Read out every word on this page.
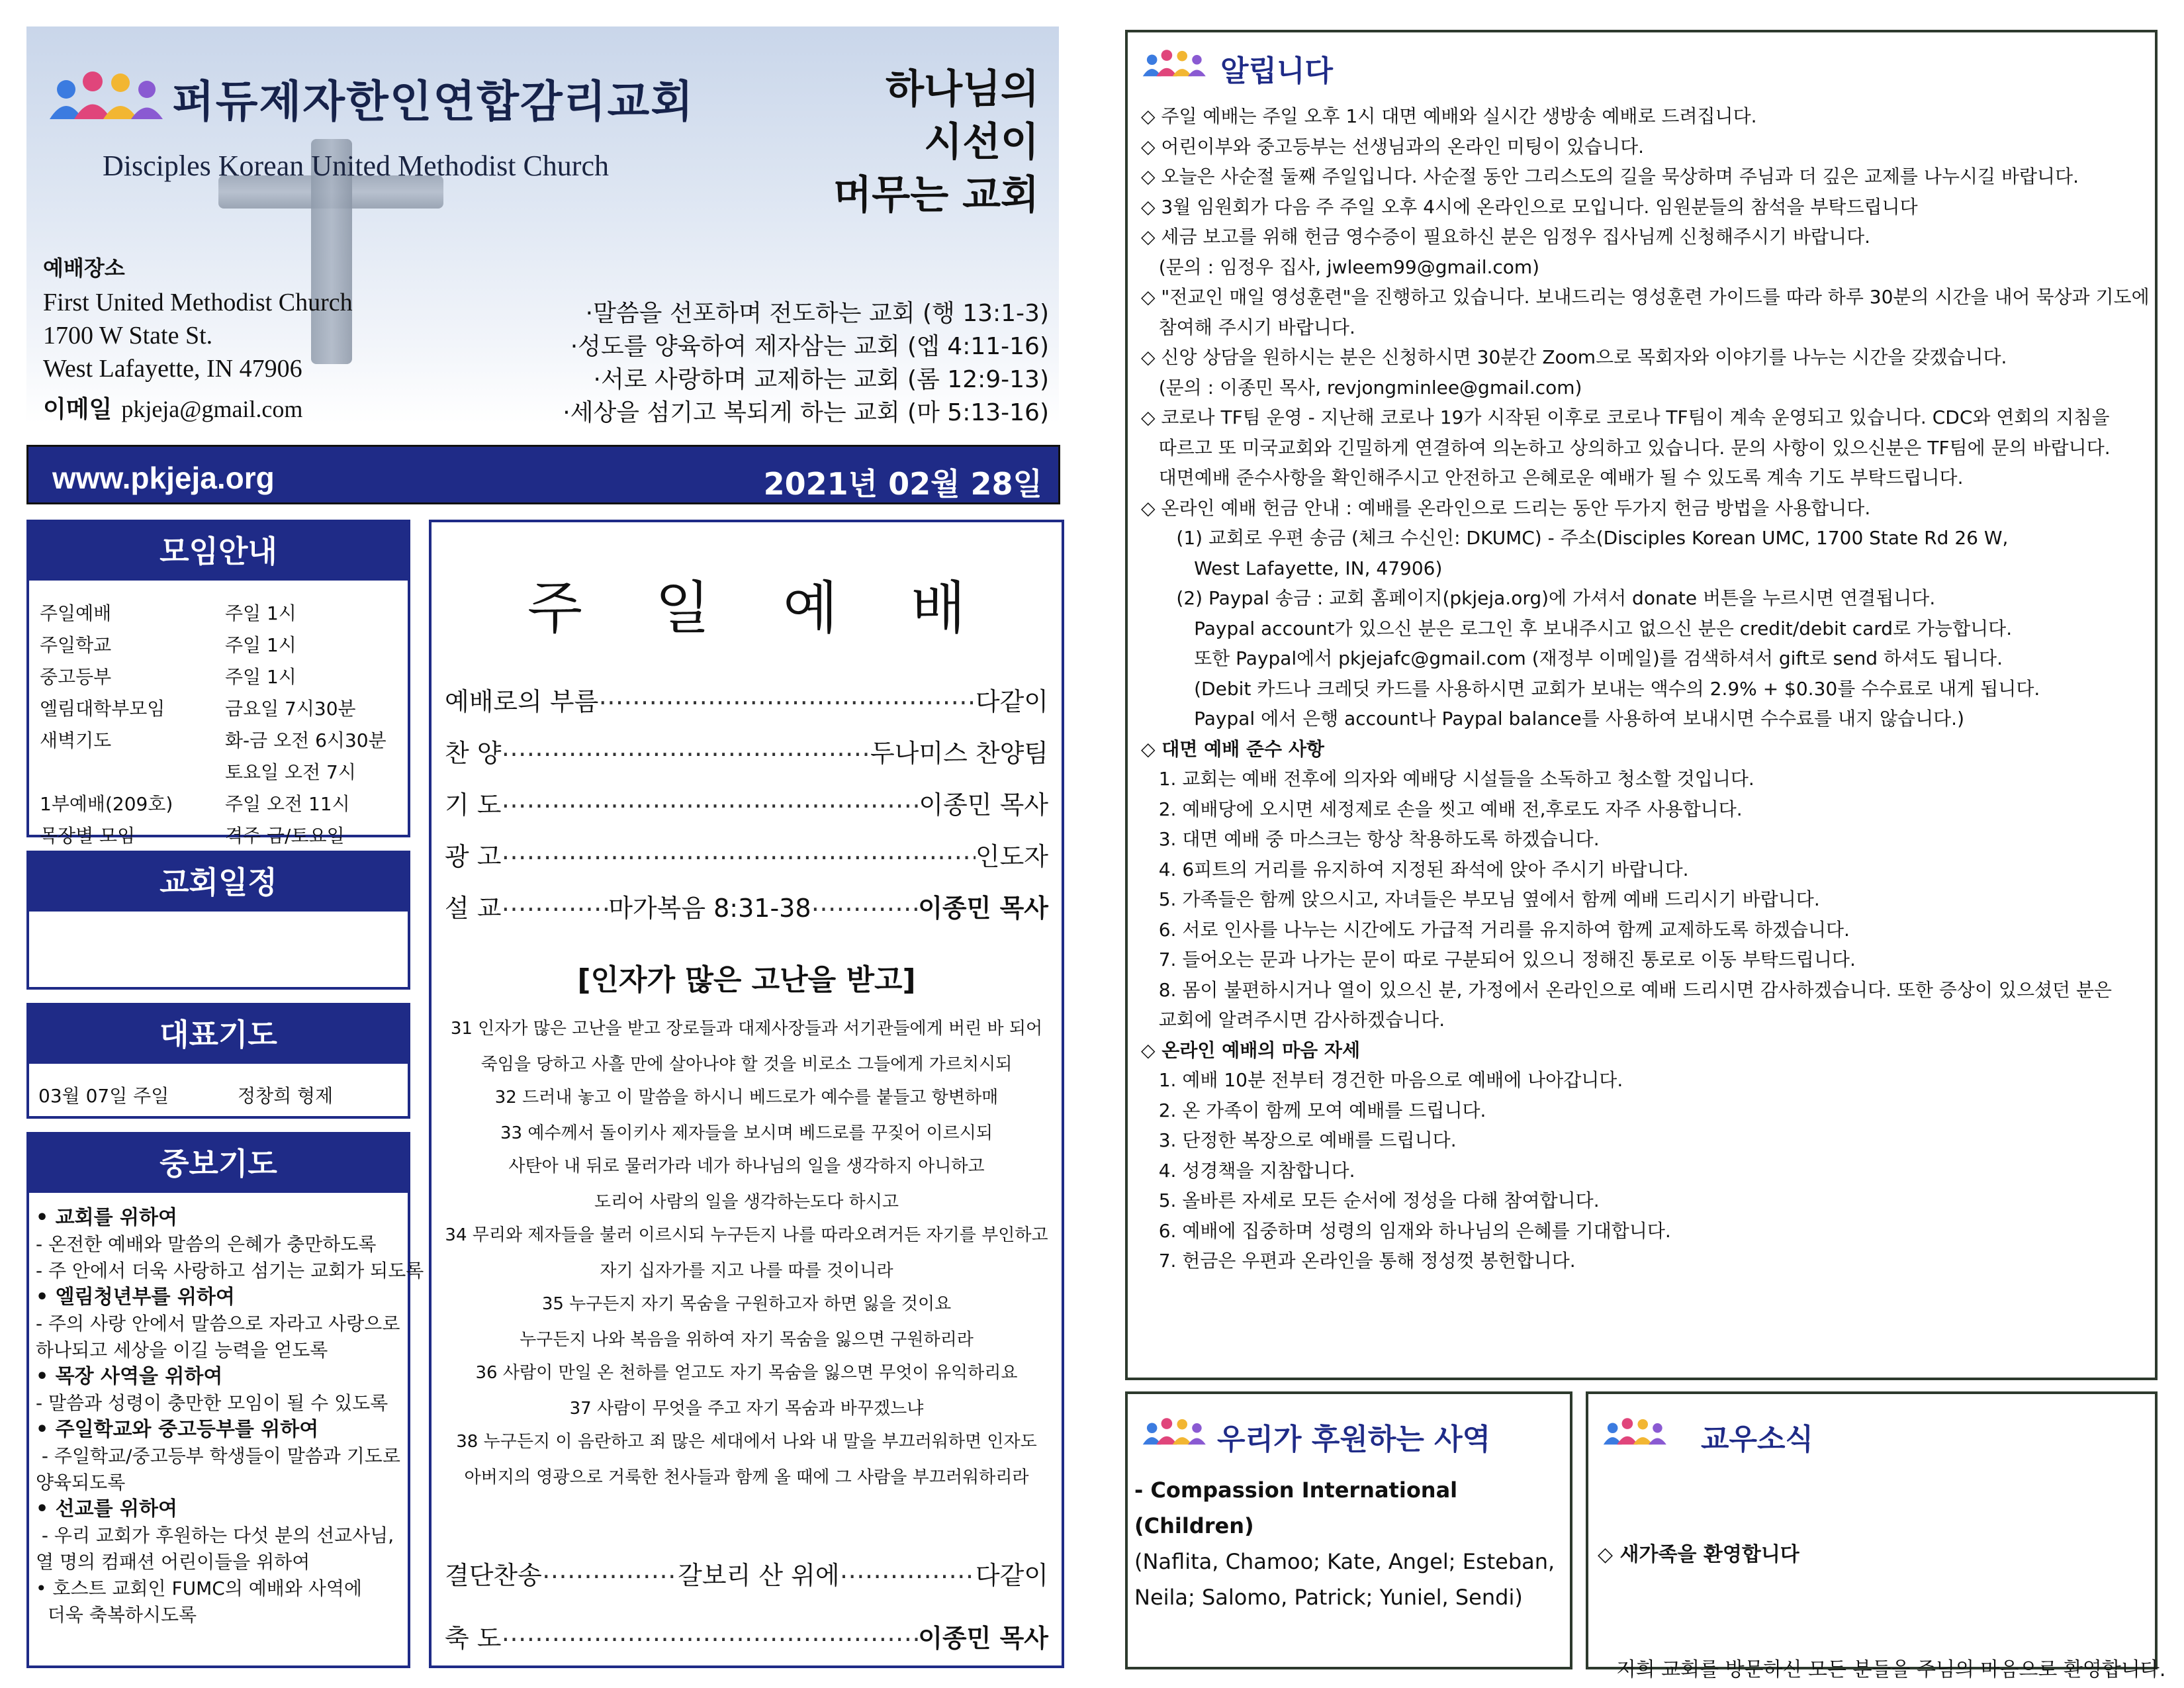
퍼듀제자한인연합감리교회
Disciples Korean United Methodist Church
하나님의
시선이
머무는 교회
예배장소
First United Methodist Church
1700 W State St.
West Lafayette, IN 47906
이메일 pkjeja@gmail.com
·말씀을 선포하며 전도하는 교회 (행 13:1-3)
·성도를 양육하여 제자삼는 교회 (엡 4:11-16)
·서로 사랑하며 교제하는 교회 (롬 12:9-13)
·세상을 섬기고 복되게 하는 교회 (마 5:13-16)
www.pkjeja.org	2021년 02월 28일
모임안내
주일예배	주일 1시
주일학교	주일 1시
중고등부	주일 1시
엘림대학부모임	금요일 7시30분
새벽기도	화-금 오전 6시30분
	토요일 오전 7시
1부예배(209호)	주일 오전 11시
목장별 모임	격주 금/토요일
교회일정
대표기도
03월 07일 주일	정창희 형제
중보기도

• 교회를 위하여

- 온전한 예배와 말씀의 은혜가 충만하도록

- 주 안에서 더욱 사랑하고 섬기는 교회가 되도록

• 엘림청년부를 위하여

- 주의 사랑 안에서 말씀으로 자라고 사랑으로

하나되고 세상을 이길 능력을 얻도록

• 목장 사역을 위하여

- 말씀과 성령이 충만한 모임이 될 수 있도록

• 주일학교와 중고등부를 위하여

- 주일학교/중고등부 학생들이 말씀과 기도로

양육되도록

• 선교를 위하여

- 우리 교회가 후원하는 다섯 분의 선교사님,

열 명의 컴패션 어린이들을 위하여

• 호스트 교회인 FUMC의 예배와 사역에

더욱 축복하시도록

주일예배
예배로의 부름 ……………………………………………………………………………………………………………………	다같이
찬 양 ……………………………………………………………………………………………………………………	두나미스 찬양팀
기 도 ……………………………………………………………………………………………………………………	이종민 목사
광 고 ……………………………………………………………………………………………………………………	인도자
설 교 ……………………………………………………………………………………………………………………	마가복음 8:31-38 ……………………………………………………………………………………………………………………	이종민 목사
[인자가 많은 고난을 받고]
31 인자가 많은 고난을 받고 장로들과 대제사장들과 서기관들에게 버린 바 되어
죽임을 당하고 사흘 만에 살아나야 할 것을 비로소 그들에게 가르치시되
32 드러내 놓고 이 말씀을 하시니 베드로가 예수를 붙들고 항변하매
33 예수께서 돌이키사 제자들을 보시며 베드로를 꾸짖어 이르시되
사탄아 내 뒤로 물러가라 네가 하나님의 일을 생각하지 아니하고
도리어 사람의 일을 생각하는도다 하시고
34 무리와 제자들을 불러 이르시되 누구든지 나를 따라오려거든 자기를 부인하고
자기 십자가를 지고 나를 따를 것이니라
35 누구든지 자기 목숨을 구원하고자 하면 잃을 것이요
누구든지 나와 복음을 위하여 자기 목숨을 잃으면 구원하리라
36 사람이 만일 온 천하를 얻고도 자기 목숨을 잃으면 무엇이 유익하리요
37 사람이 무엇을 주고 자기 목숨과 바꾸겠느냐
38 누구든지 이 음란하고 죄 많은 세대에서 나와 내 말을 부끄러워하면 인자도
아버지의 영광으로 거룩한 천사들과 함께 올 때에 그 사람을 부끄러워하리라
결단찬송 ……………………………………………………………………………………………………………………	갈보리 산 위에 ……………………………………………………………………………………………………………………	다같이
축 도 ……………………………………………………………………………………………………………………	이종민 목사
알립니다
◇ 주일 예배는 주일 오후 1시 대면 예배와 실시간 생방송 예배로 드려집니다.
◇ 어린이부와 중고등부는 선생님과의 온라인 미팅이 있습니다.
◇ 오늘은 사순절 둘째 주일입니다. 사순절 동안 그리스도의 길을 묵상하며 주님과 더 깊은 교제를 나누시길 바랍니다.
◇ 3월 임원회가 다음 주 주일 오후 4시에 온라인으로 모입니다. 임원분들의 참석을 부탁드립니다
◇ 세금 보고를 위해 헌금 영수증이 필요하신 분은 임정우 집사님께 신청해주시기 바랍니다.
(문의 : 임정우 집사, jwleem99@gmail.com)
◇ "전교인 매일 영성훈련"을 진행하고 있습니다. 보내드리는 영성훈련 가이드를 따라 하루 30분의 시간을 내어 묵상과 기도에
참여해 주시기 바랍니다.
◇ 신앙 상담을 원하시는 분은 신청하시면 30분간 Zoom으로 목회자와 이야기를 나누는 시간을 갖겠습니다.
(문의 : 이종민 목사, revjongminlee@gmail.com)
◇ 코로나 TF팀 운영 - 지난해 코로나 19가 시작된 이후로 코로나 TF팀이 계속 운영되고 있습니다. CDC와 연회의 지침을
따르고 또 미국교회와 긴밀하게 연결하여 의논하고 상의하고 있습니다. 문의 사항이 있으신분은 TF팀에 문의 바랍니다.
대면예배 준수사항을 확인해주시고 안전하고 은혜로운 예배가 될 수 있도록 계속 기도 부탁드립니다.
◇ 온라인 예배 헌금 안내 : 예배를 온라인으로 드리는 동안 두가지 헌금 방법을 사용합니다.
(1) 교회로 우편 송금 (체크 수신인: DKUMC) - 주소(Disciples Korean UMC, 1700 State Rd 26 W,
West Lafayette, IN, 47906)
(2) Paypal 송금 : 교회 홈페이지(pkjeja.org)에 가셔서 donate 버튼을 누르시면 연결됩니다.
Paypal account가 있으신 분은 로그인 후 보내주시고 없으신 분은 credit/debit card로 가능합니다.
또한 Paypal에서 pkjejafc@gmail.com (재정부 이메일)를 검색하셔서 gift로 send 하셔도 됩니다.
(Debit 카드나 크레딧 카드를 사용하시면 교회가 보내는 액수의 2.9% + $0.30를 수수료로 내게 됩니다.
Paypal 에서 은행 account나 Paypal balance를 사용하여 보내시면 수수료를 내지 않습니다.)
◇ 대면 예배 준수 사항
1. 교회는 예배 전후에 의자와 예배당 시설들을 소독하고 청소할 것입니다.
2. 예배당에 오시면 세정제로 손을 씻고 예배 전,후로도 자주 사용합니다.
3. 대면 예배 중 마스크는 항상 착용하도록 하겠습니다.
4. 6피트의 거리를 유지하여 지정된 좌석에 앉아 주시기 바랍니다.
5. 가족들은 함께 앉으시고, 자녀들은 부모님 옆에서 함께 예배 드리시기 바랍니다.
6. 서로 인사를 나누는 시간에도 가급적 거리를 유지하여 함께 교제하도록 하겠습니다.
7. 들어오는 문과 나가는 문이 따로 구분되어 있으니 정해진 통로로 이동 부탁드립니다.
8. 몸이 불편하시거나 열이 있으신 분, 가정에서 온라인으로 예배 드리시면 감사하겠습니다. 또한 증상이 있으셨던 분은
교회에 알려주시면 감사하겠습니다.
◇ 온라인 예배의 마음 자세
1. 예배 10분 전부터 경건한 마음으로 예배에 나아갑니다.
2. 온 가족이 함께 모여 예배를 드립니다.
3. 단정한 복장으로 예배를 드립니다.
4. 성경책을 지참합니다.
5. 올바른 자세로 모든 순서에 정성을 다해 참여합니다.
6. 예배에 집중하며 성령의 임재와 하나님의 은혜를 기대합니다.
7. 헌금은 우편과 온라인을 통해 정성껏 봉헌합니다.
우리가 후원하는 사역
- Compassion International (Children)
(Naflita, Chamoo; Kate, Angel; Esteban,
Neila; Salomo, Patrick; Yuniel, Sendi)
교우소식

◇ 새가족을 환영합니다

저희 교회를 방문하신 모든 분들을 주님의 마음으로 환영합니다.
